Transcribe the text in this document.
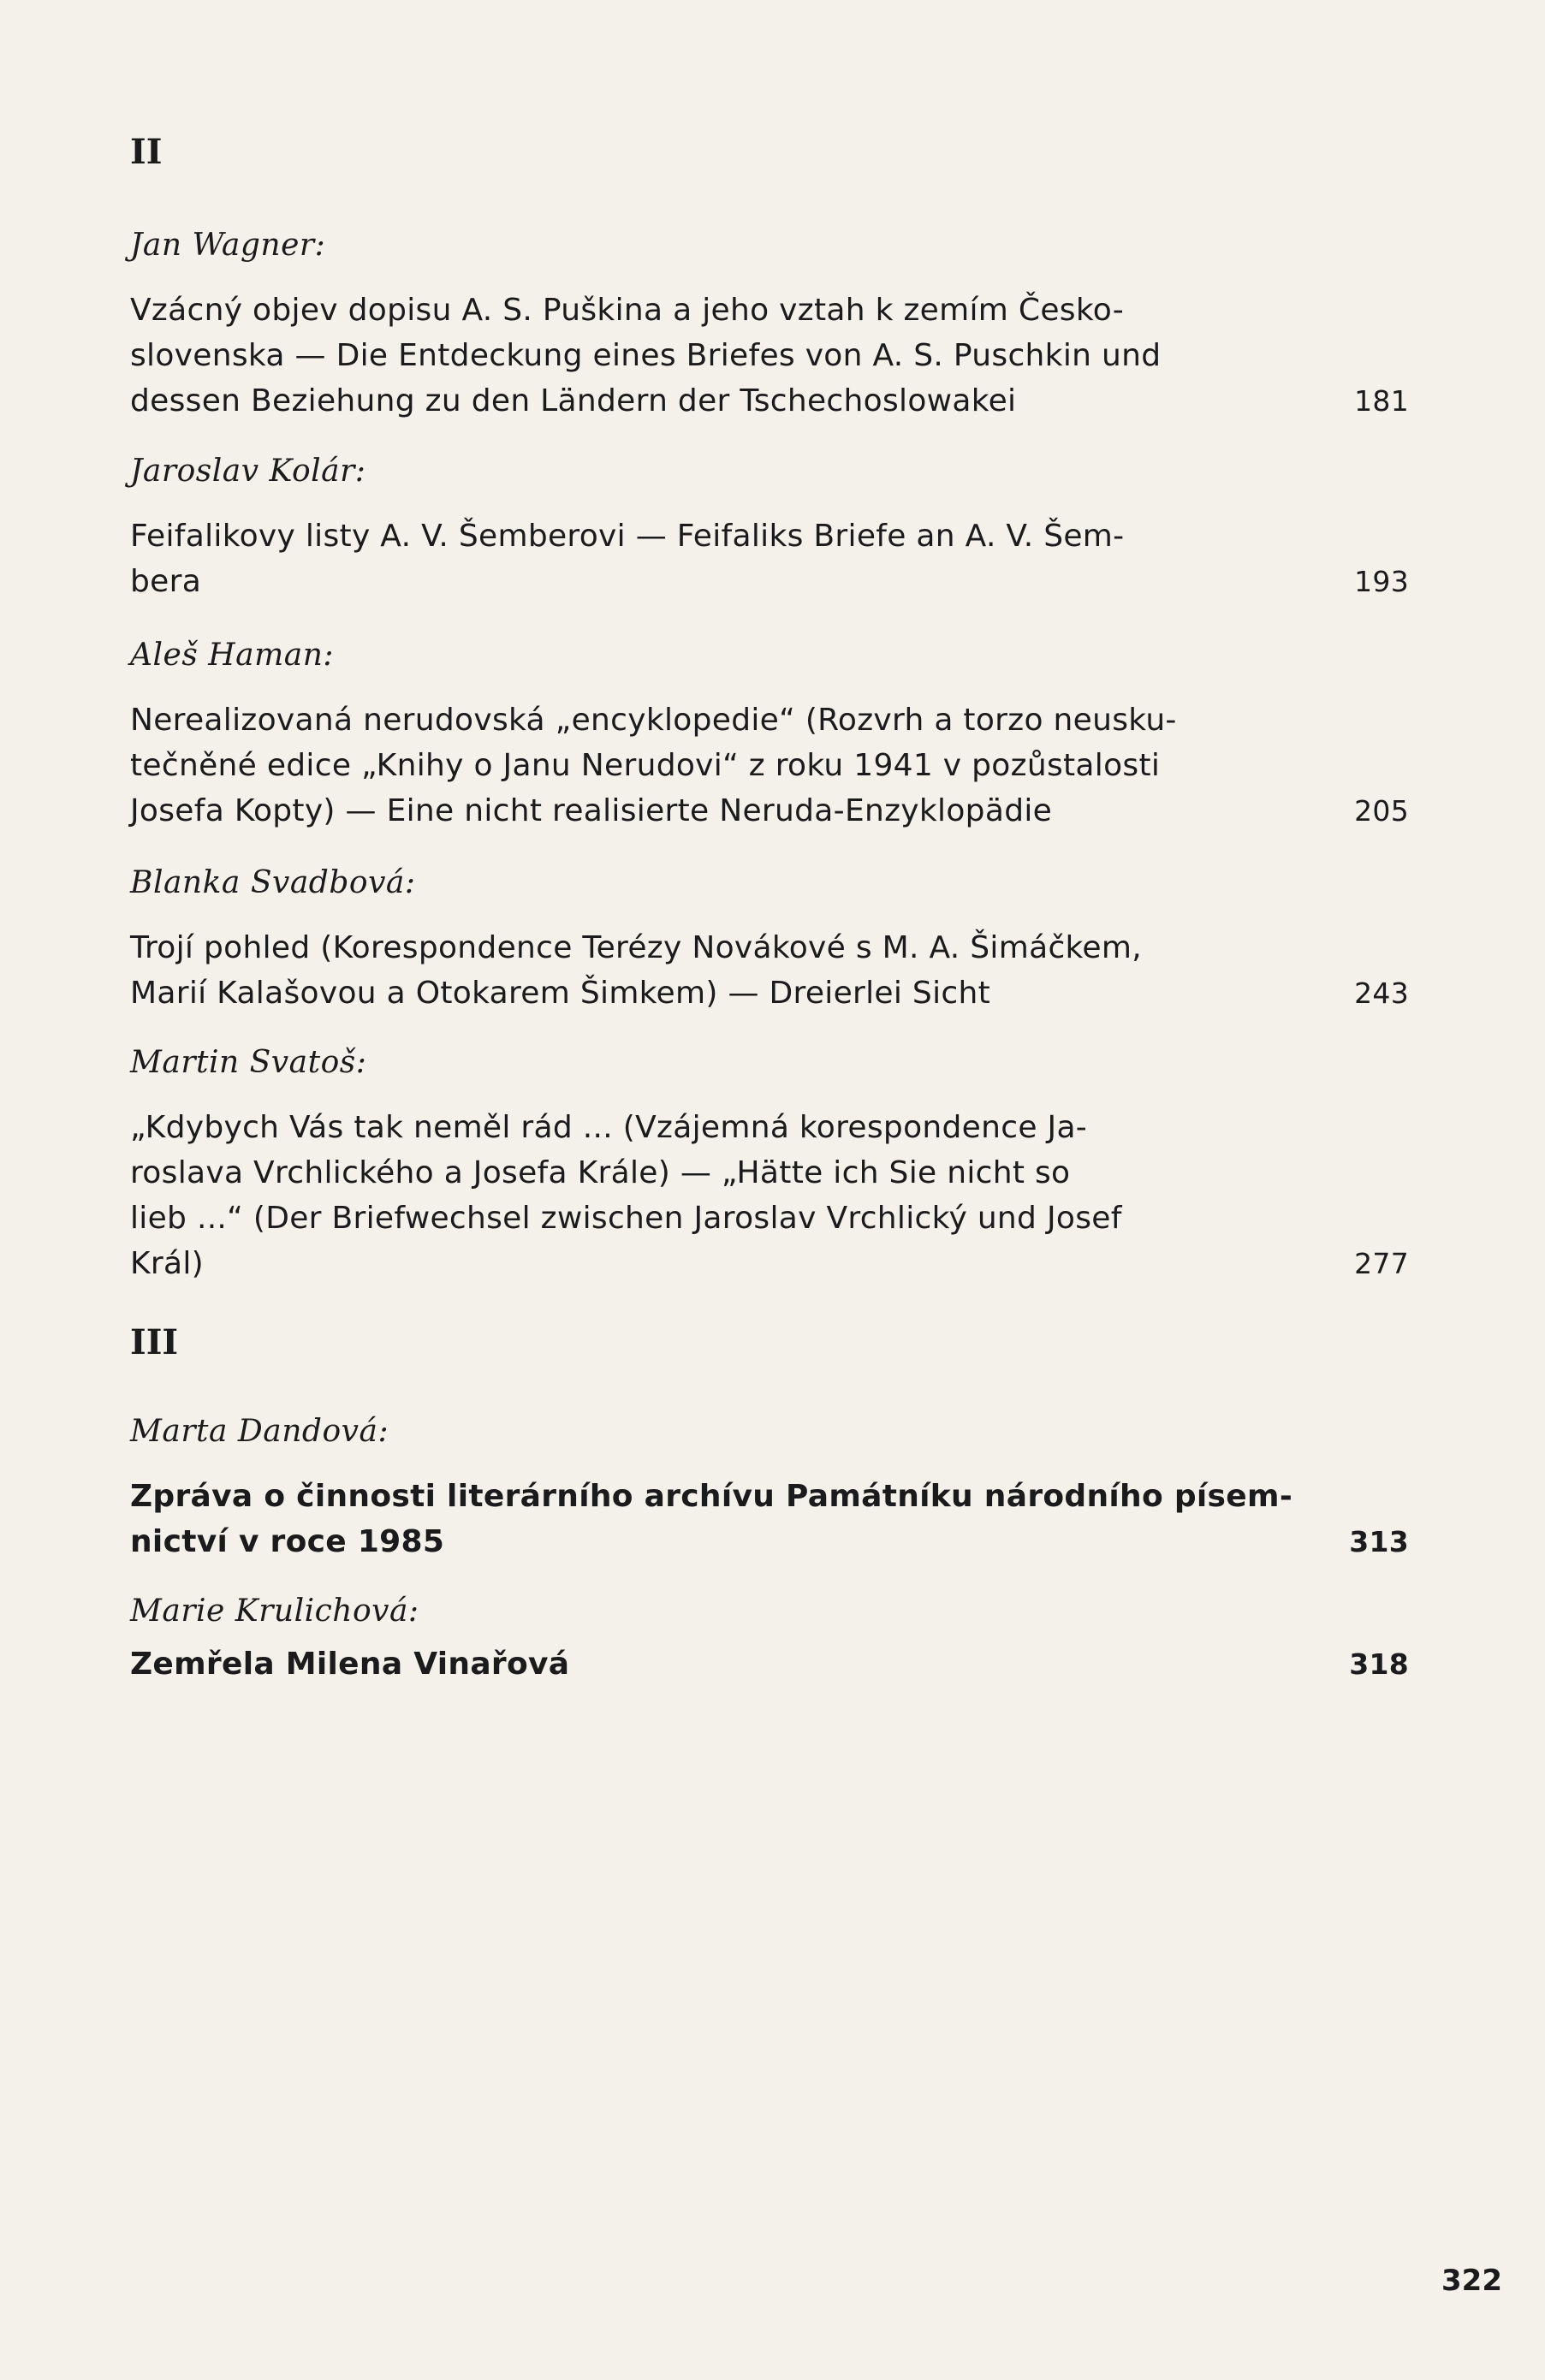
II
Jan Wagner:
Vzácný objev dopisu A. S. Puškina a jeho vztah k zemím Česko-
slovenska — Die Entdeckung eines Briefes von A. S. Puschkin und
dessen Beziehung zu den Ländern der Tschechoslowakei	181
Jaroslav Kolár:
Feifalikovy listy A. V. Šemberovi — Feifaliks Briefe an A. V. Šem-
bera	193
Aleš Haman:
Nerealizovaná nerudovská „encyklopedie“ (Rozvrh a torzo neusku-
tečněné edice „Knihy o Janu Nerudovi“ z roku 1941 v pozůstalosti
Josefa Kopty) — Eine nicht realisierte Neruda-Enzyklopädie	205
Blanka Svadbová:
Trojí pohled (Korespondence Terézy Novákové s M. A. Šimáčkem,
Marií Kalašovou a Otokarem Šimkem) — Dreierlei Sicht	243
Martin Svatoš:
„Kdybych Vás tak neměl rád ... (Vzájemná korespondence Ja-
roslava Vrchlického a Josefa Krále) — „Hätte ich Sie nicht so
lieb ...“ (Der Briefwechsel zwischen Jaroslav Vrchlický und Josef
Král)	277
III
Marta Dandová:
Zpráva o činnosti literárního archívu Památníku národního písem-
nictví v roce 1985	313
Marie Krulichová:
Zemřela Milena Vinařová	318
322
